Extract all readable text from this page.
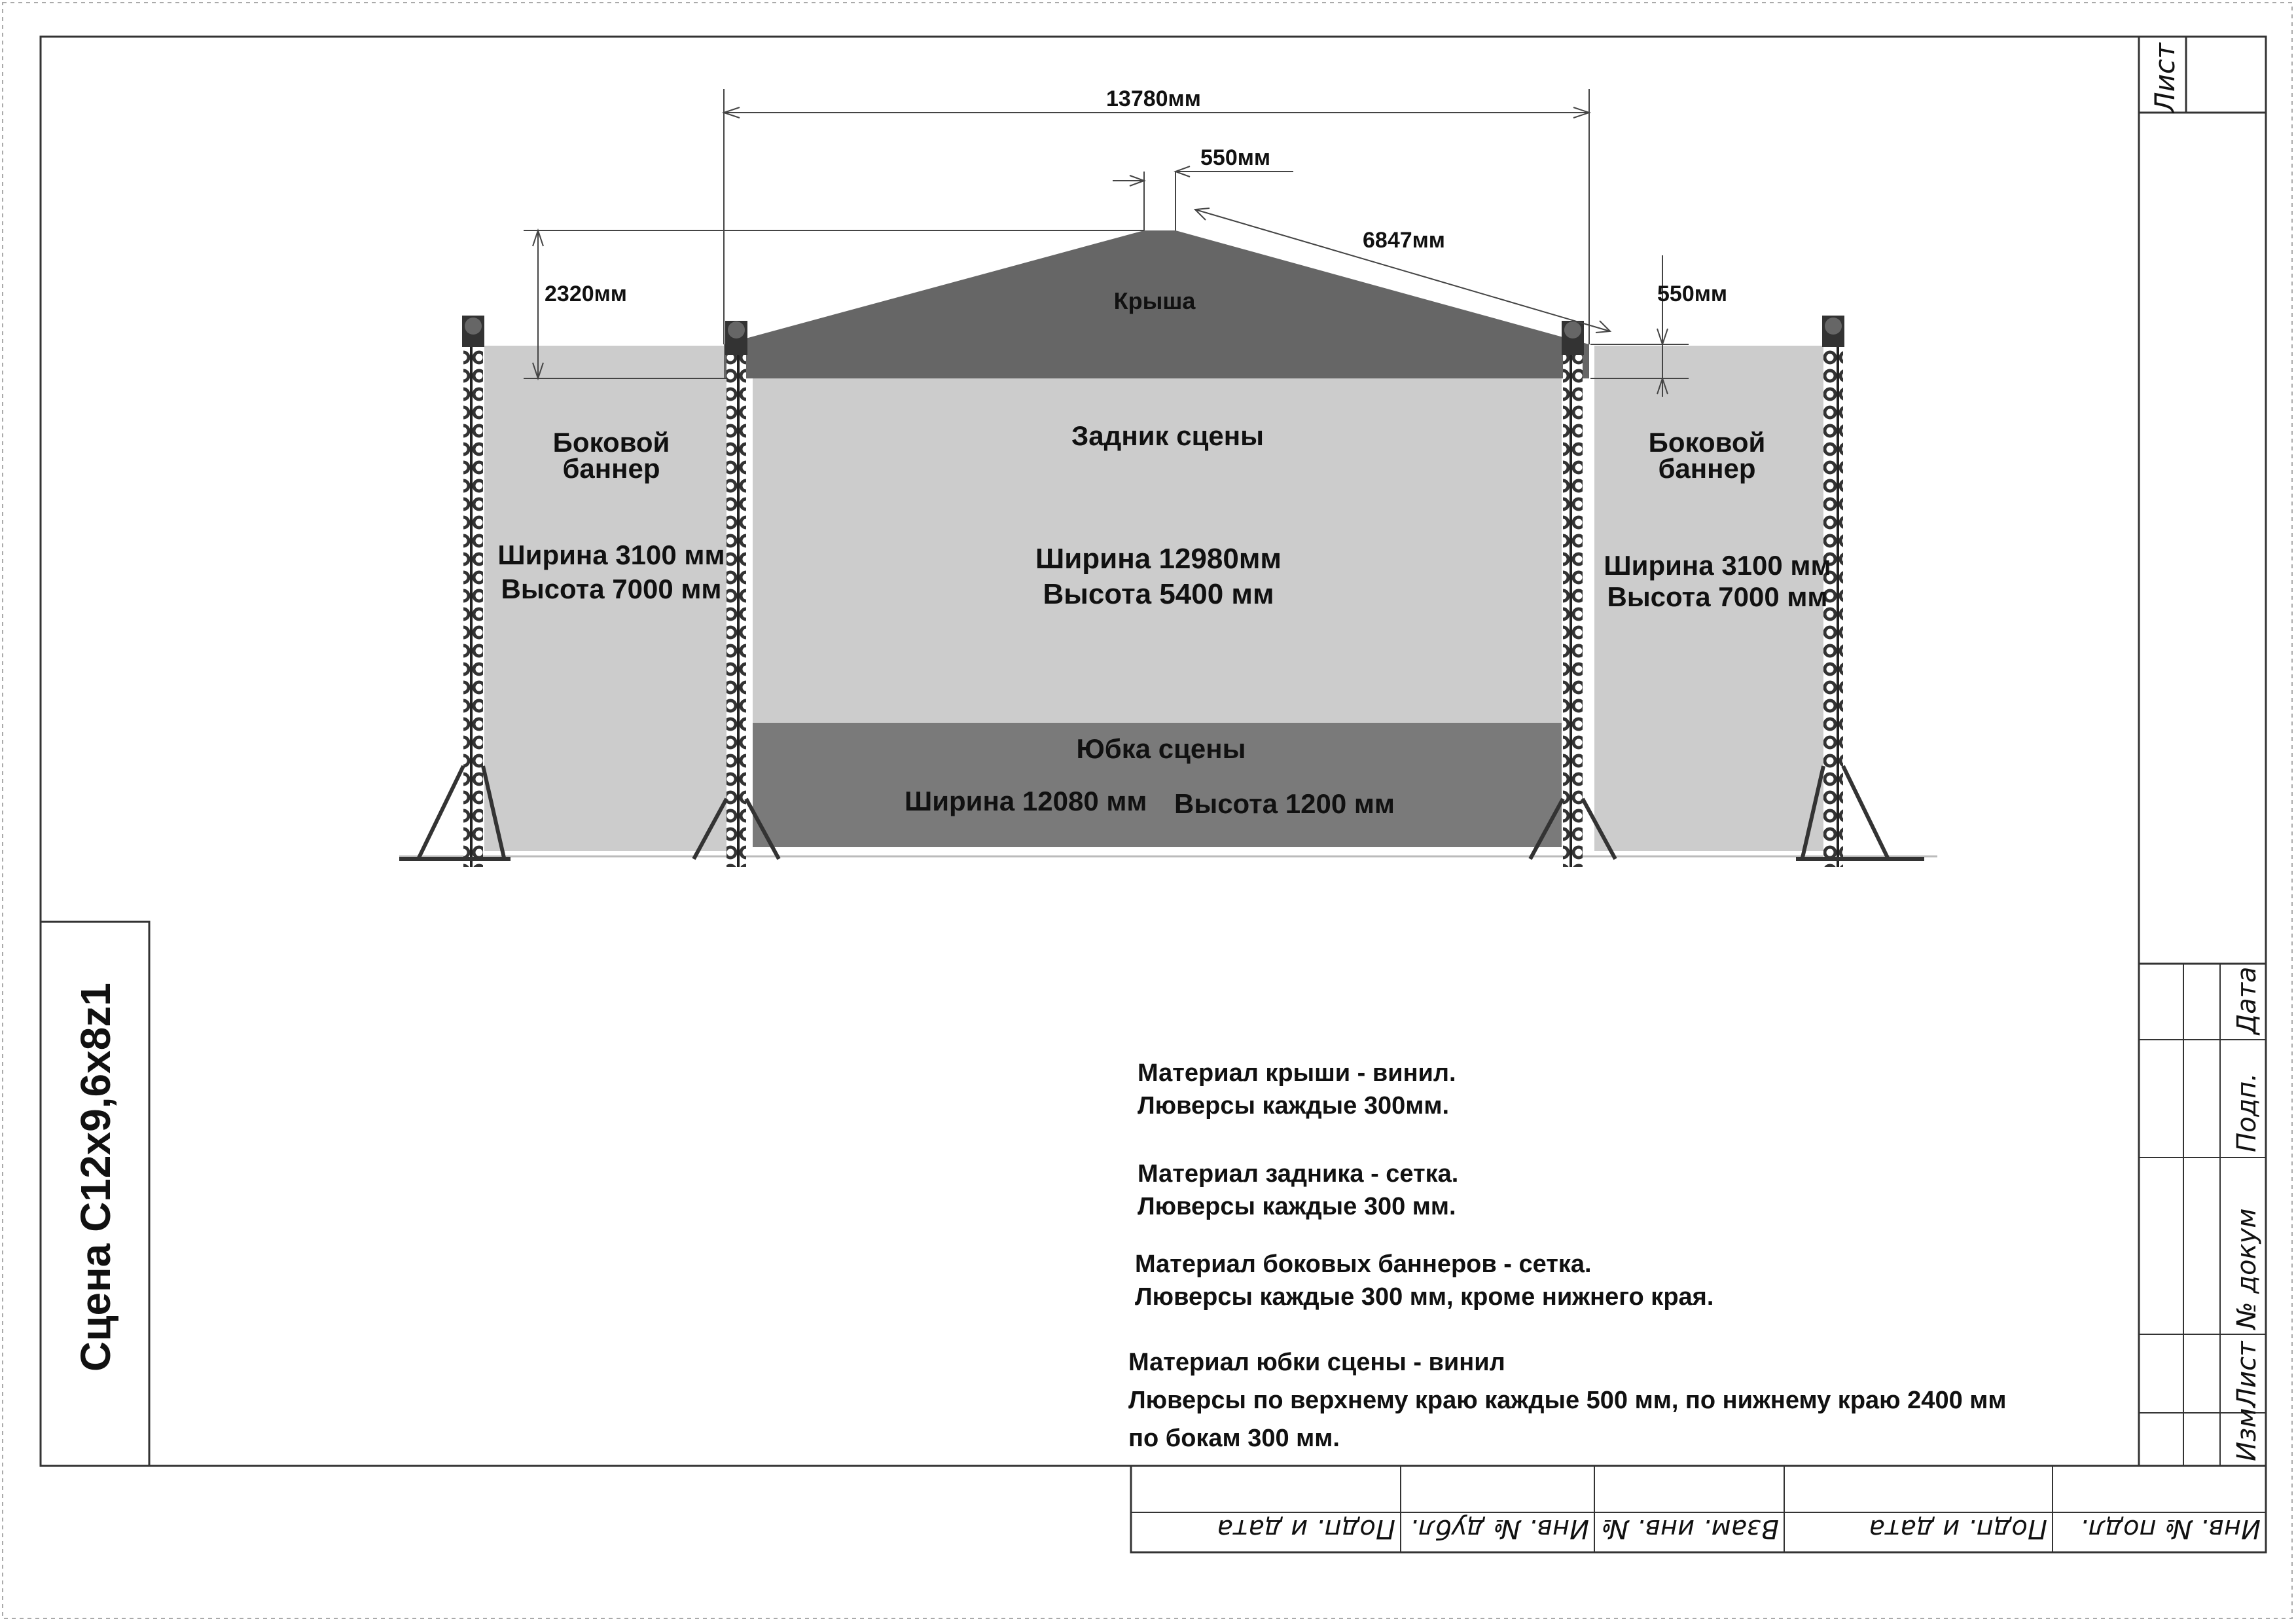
Лист
Изм.
Лист
№ докум
Подп.
Дата
Сцена С12х9,6х8z1
Подп. и дата Инв. № дубл. Взам. инв. №	Подп. и дата Инв. № подл.
13780мм
550мм
6847мм
2320мм	550мм
Крыша
Задник сцены
Ширина 12980мм
Высота 5400 мм
Юбка сцены
Ширина 12080 мм Высота 1200 мм
Боковой
баннер
Ширина 3100 мм
Высота 7000 мм
Боковой
баннер
Ширина 3100 мм
Высота 7000 мм
Материал крыши - винил.
Люверсы каждые 300мм.
Материал задника - сетка.
Люверсы каждые 300 мм.
Материал боковых баннеров - сетка.
Люверсы каждые 300 мм, кроме нижнего края.
Материал юбки сцены - винил
Люверсы по верхнему краю каждые 500 мм, по нижнему краю 2400 мм
по бокам 300 мм.
